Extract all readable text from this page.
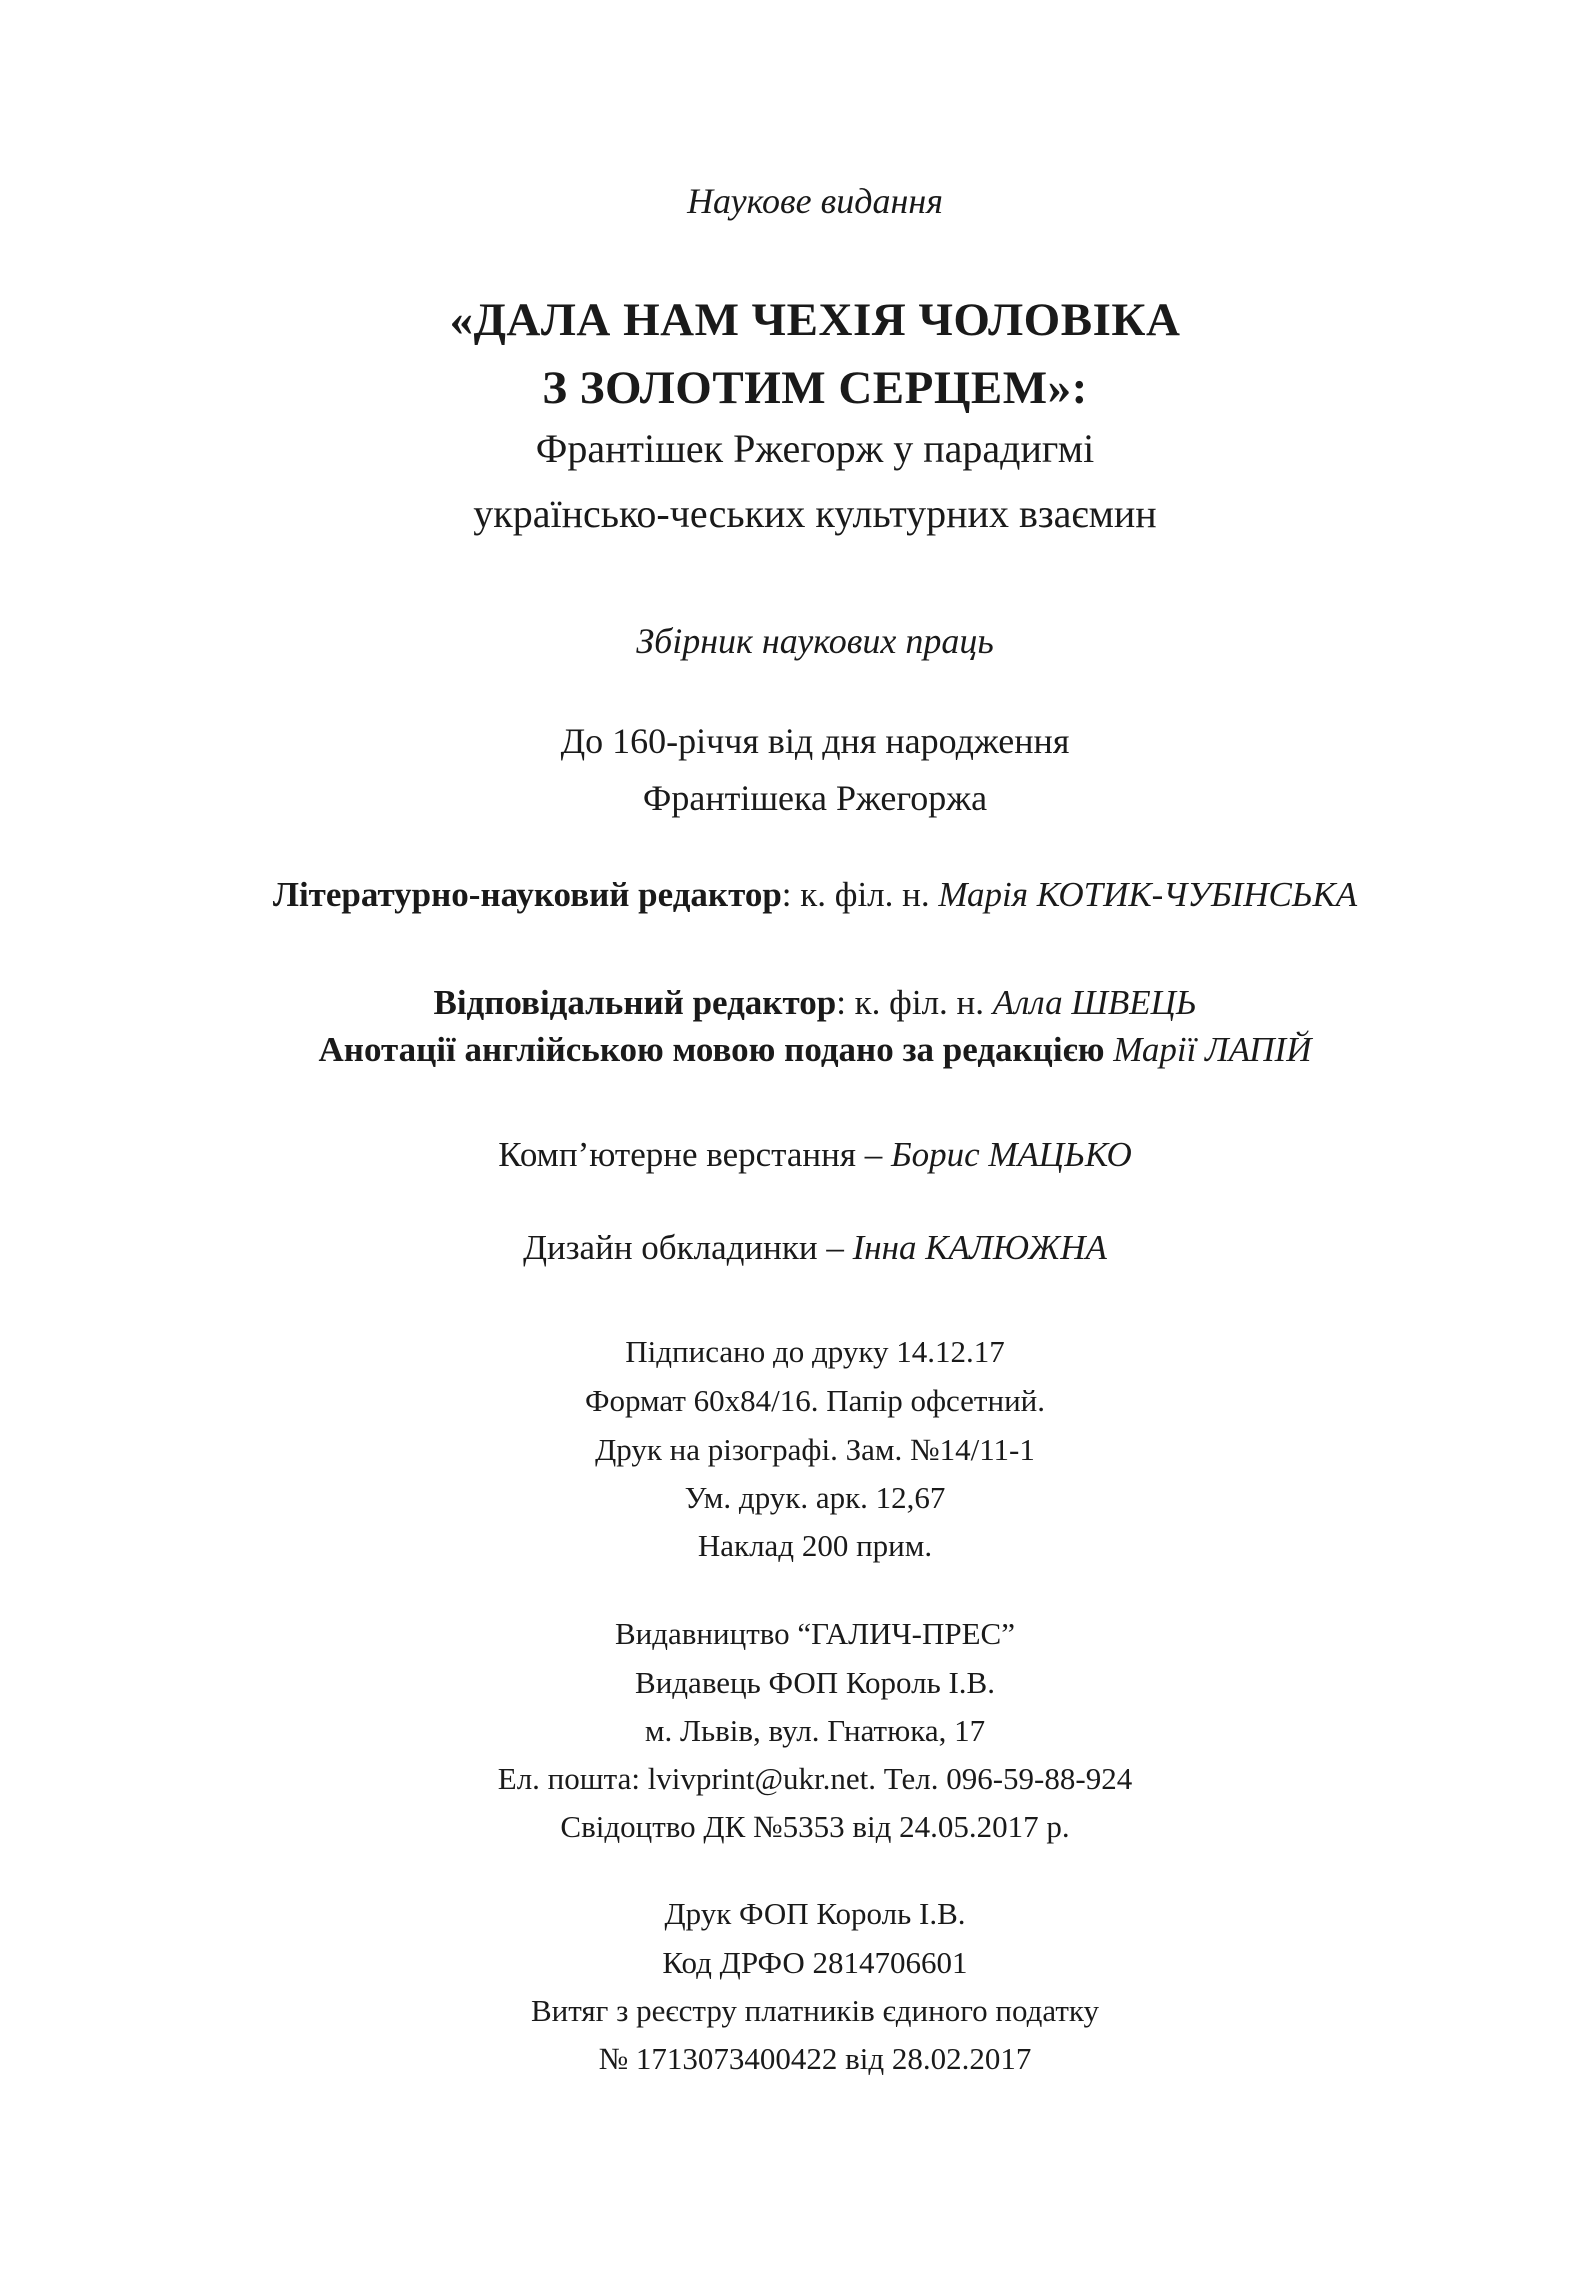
Наукове видання
«ДАЛА НАМ ЧЕХІЯ ЧОЛОВІКА
З ЗОЛОТИМ СЕРЦЕМ»:
Франтішек Ржегорж у парадигмі
українсько-чеських культурних взаємин
Збірник наукових праць
До 160-річчя від дня народження
Франтішека Ржегоржа
Літературно-науковий редактор: к. філ. н. Марія КОТИК-ЧУБІНСЬКА
Відповідальний редактор: к. філ. н. Алла ШВЕЦЬ
Анотації англійською мовою подано за редакцією Марії ЛАПІЙ
Комп’ютерне верстання – Борис МАЦЬКО
Дизайн обкладинки – Інна КАЛЮЖНА
Підписано до друку 14.12.17
Формат 60х84/16. Папір офсетний.
Друк на різографі. Зам. №14/11-1
Ум. друк. арк. 12,67
Наклад 200 прим.
Видавництво “ГАЛИЧ-ПРЕС”
Видавець ФОП Король І.В.
м. Львів, вул. Гнатюка, 17
Ел. пошта: lvivprint@ukr.net. Тел. 096-59-88-924
Свідоцтво ДК №5353 від 24.05.2017 р.
Друк ФОП Король І.В.
Код ДРФО 2814706601
Витяг з реєстру платників єдиного податку
№ 1713073400422 від 28.02.2017
